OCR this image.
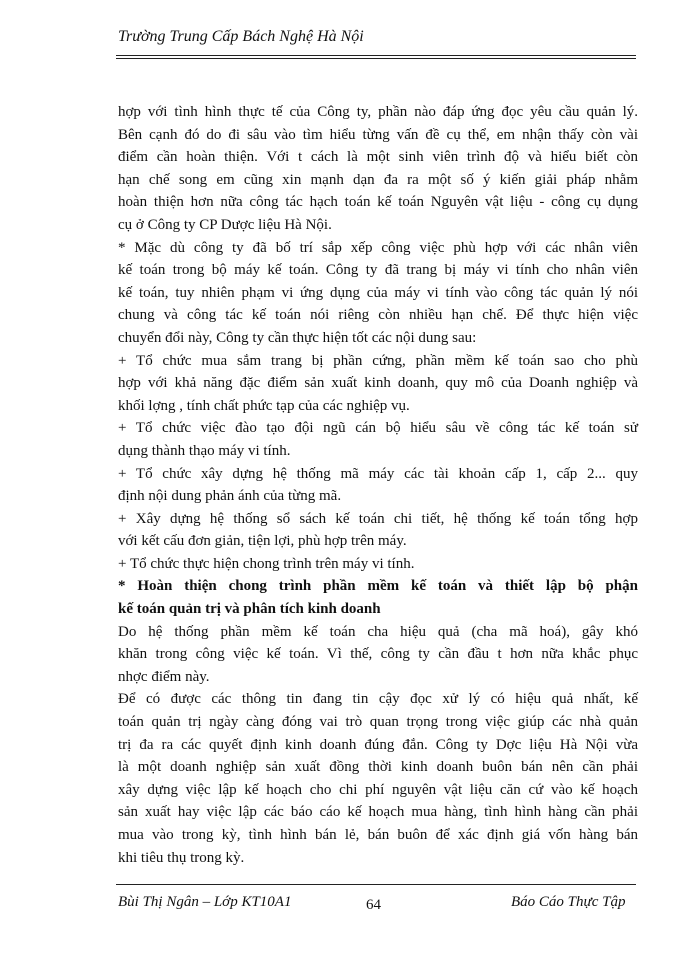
Trường Trung Cấp Bách Nghệ Hà Nội
hợp với tình hình thực tế của Công ty, phần nào đáp ứng đọc yêu cầu quản lý.
Bên cạnh đó do đi sâu vào tìm hiểu từng vấn đề cụ thể, em nhận thấy còn vài
điểm cần hoàn thiện. Với t cách là một sinh viên trình độ và hiểu biết còn
hạn chế song em cũng xin mạnh dạn đa ra một số ý kiến giải pháp nhằm
hoàn thiện hơn nữa công tác hạch toán kế toán Nguyên vật liệu - công cụ dụng
cụ ở Công ty CP Dược liệu Hà Nội.
* Mặc dù công ty đã bố trí sắp xếp công việc phù hợp với các nhân viên
kế toán trong bộ máy kế toán. Công ty đã trang bị máy vi tính cho nhân viên
kế toán, tuy nhiên phạm vi ứng dụng của máy vi tính vào công tác quản lý nói
chung và công tác kế toán nói riêng còn nhiều hạn chế. Để thực hiện việc
chuyển đổi này, Công ty cần thực hiện tốt các nội dung sau:
+ Tổ chức mua sắm trang bị phần cứng, phần mềm kế toán sao cho phù
hợp với khả năng đặc điểm sản xuất kinh doanh, quy mô của Doanh nghiệp và
khối lợng , tính chất phức tạp của các nghiệp vụ.
+ Tổ chức việc đào tạo đội ngũ cán bộ hiểu sâu về công tác kế toán sử
dụng thành thạo máy vi tính.
+ Tổ chức xây dựng hệ thống mã máy các tài khoản cấp 1, cấp 2... quy
định nội dung phản ánh của từng mã.
+ Xây dựng hệ thống sổ sách kế toán chi tiết, hệ thống kế toán tổng hợp
với kết cấu đơn giản, tiện lợi, phù hợp trên máy.
+ Tổ chức thực hiện chong trình trên máy vi tính.
* Hoàn thiện chong trình phần mềm kế toán và thiết lập bộ phận
kế toán quản trị và phân tích kinh doanh
Do hệ thống phần mềm kế toán cha hiệu quả (cha mã hoá), gây khó
khăn trong công việc kế toán. Vì thế, công ty cần đầu t hơn nữa khắc phục
nhợc điểm này.
Để có được các thông tin đang tin cậy đọc xử lý có hiệu quả nhất, kế
toán quản trị ngày càng đóng vai trò quan trọng trong việc giúp các nhà quản
trị đa ra các quyết định kinh doanh đúng đắn. Công ty Dợc liệu Hà Nội vừa
là một doanh nghiệp sản xuất đồng thời kinh doanh buôn bán nên cần phải
xây dựng việc lập kế hoạch cho chi phí nguyên vật liệu căn cứ vào kế hoạch
sản xuất hay việc lập các báo cáo kế hoạch mua hàng, tình hình hàng cần phải
mua vào trong kỳ, tình hình bán lẻ, bán buôn để xác định giá vốn hàng bán
khi tiêu thụ trong kỳ.
Bùi Thị Ngân – Lớp KT10A1	64	Báo Cáo Thực Tập
